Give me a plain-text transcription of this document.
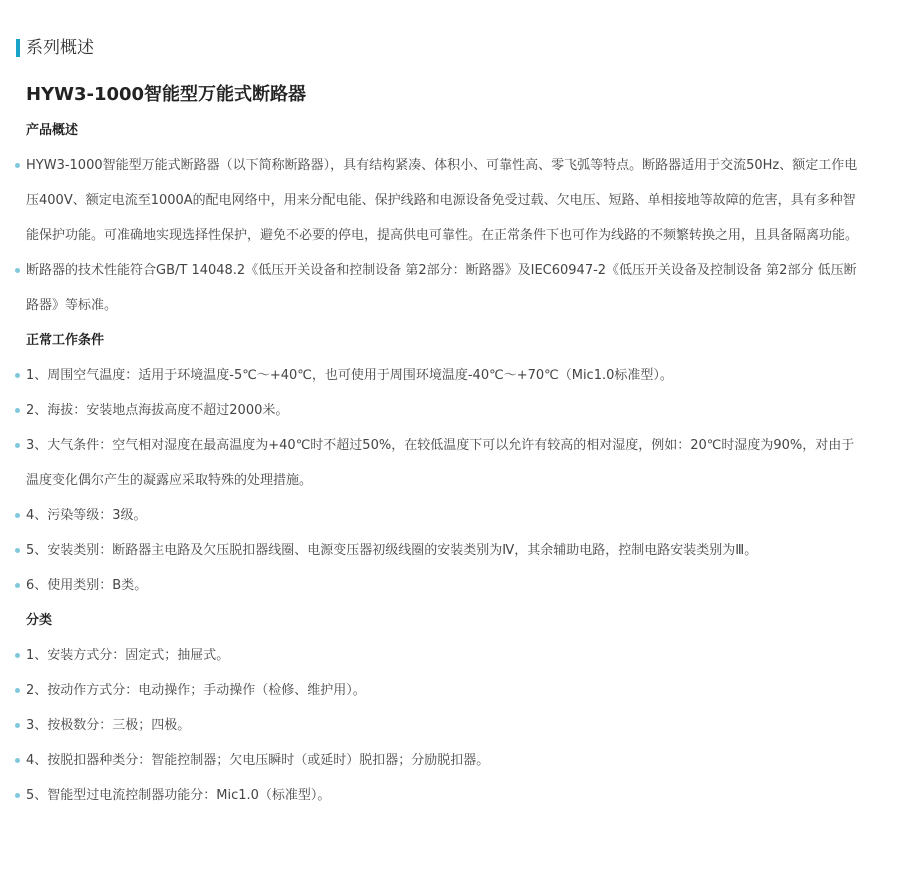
系列概述
HYW3-1000智能型万能式断路器
产品概述
HYW3-1000智能型万能式断路器（以下简称断路器），具有结构紧凑、体积小、可靠性高、零飞弧等特点。断路器适用于交流50Hz、额定工作电压400V、额定电流至1000A的配电网络中，用来分配电能、保护线路和电源设备免受过载、欠电压、短路、单相接地等故障的危害，具有多种智能保护功能。可准确地实现选择性保护，避免不必要的停电，提高供电可靠性。在正常条件下也可作为线路的不频繁转换之用，且具备隔离功能。
断路器的技术性能符合GB/T 14048.2《低压开关设备和控制设备 第2部分：断路器》及IEC60947-2《低压开关设备及控制设备 第2部分 低压断路器》等标准。
正常工作条件
1、周围空气温度：适用于环境温度-5℃～+40℃，也可使用于周围环境温度-40℃～+70℃（Mic1.0标准型）。
2、海拔：安装地点海拔高度不超过2000米。
3、大气条件：空气相对湿度在最高温度为+40℃时不超过50%，在较低温度下可以允许有较高的相对湿度，例如：20℃时湿度为90%，对由于温度变化偶尔产生的凝露应采取特殊的处理措施。
4、污染等级：3级。
5、安装类别：断路器主电路及欠压脱扣器线圈、电源变压器初级线圈的安装类别为Ⅳ，其余辅助电路，控制电路安装类别为Ⅲ。
6、使用类别：B类。
分类
1、安装方式分：固定式；抽屉式。
2、按动作方式分：电动操作；手动操作（检修、维护用）。
3、按极数分：三极；四极。
4、按脱扣器种类分：智能控制器；欠电压瞬时（或延时）脱扣器；分励脱扣器。
5、智能型过电流控制器功能分：Mic1.0（标准型）。
